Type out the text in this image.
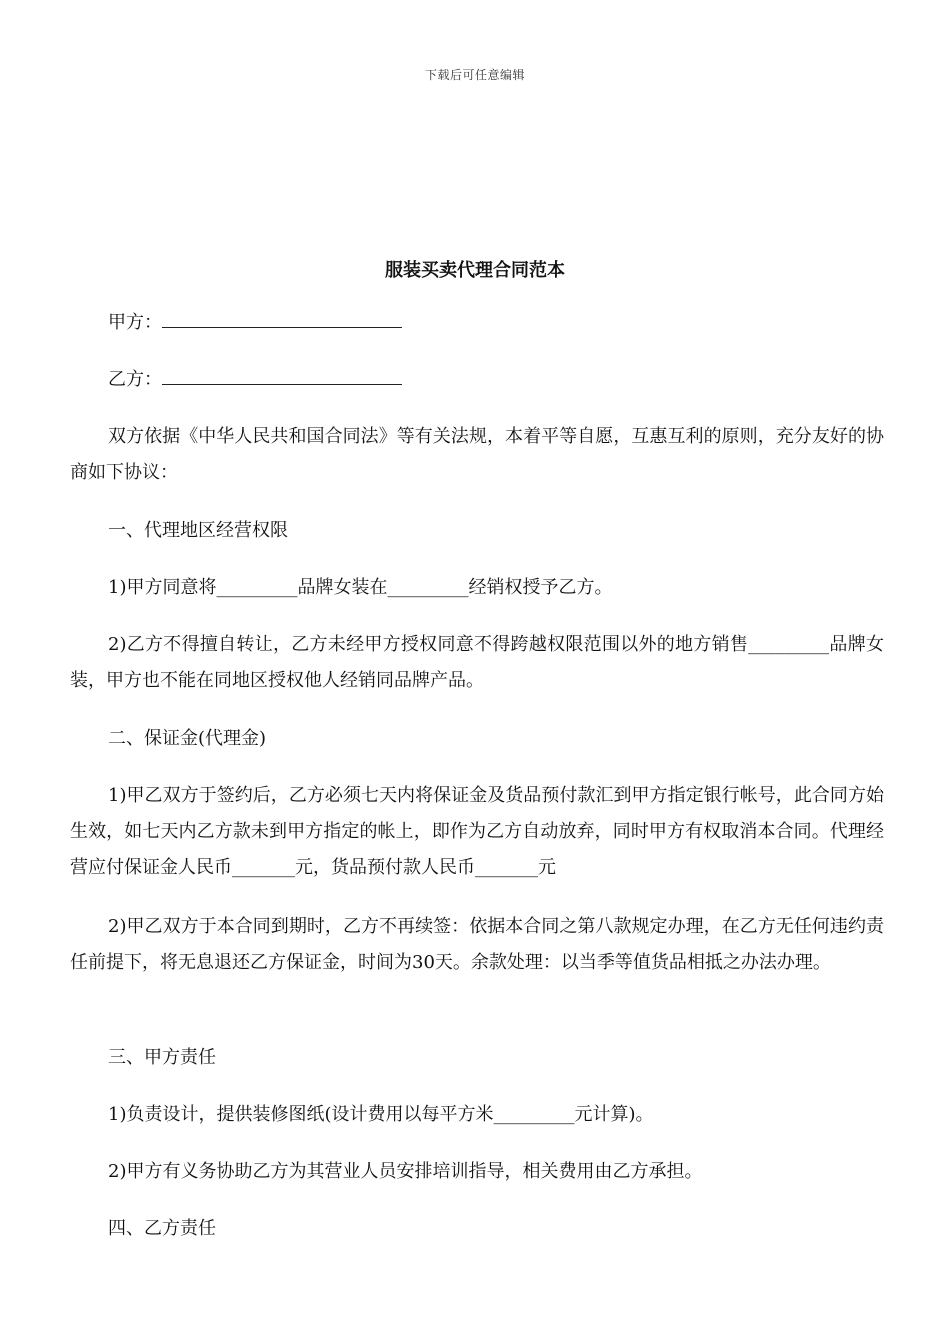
下载后可任意编辑
服装买卖代理合同范本
甲方：
乙方：
双方依据《中华人民共和国合同法》等有关法规，本着平等自愿，互惠互利的原则，充分友好的协商如下协议：
一、代理地区经营权限
1)甲方同意将_________品牌女装在_________经销权授予乙方。
2)乙方不得擅自转让，乙方未经甲方授权同意不得跨越权限范围以外的地方销售_________品牌女装，甲方也不能在同地区授权他人经销同品牌产品。
二、保证金(代理金)
1)甲乙双方于签约后，乙方必须七天内将保证金及货品预付款汇到甲方指定银行帐号，此合同方始生效，如七天内乙方款未到甲方指定的帐上，即作为乙方自动放弃，同时甲方有权取消本合同。代理经营应付保证金人民币_______元，货品预付款人民币_______元
2)甲乙双方于本合同到期时，乙方不再续签：依据本合同之第八款规定办理，在乙方无任何违约责任前提下，将无息退还乙方保证金，时间为30天。余款处理：以当季等值货品相抵之办法办理。
三、甲方责任
1)负责设计，提供装修图纸(设计费用以每平方米_________元计算)。
2)甲方有义务协助乙方为其营业人员安排培训指导，相关费用由乙方承担。
四、乙方责任
